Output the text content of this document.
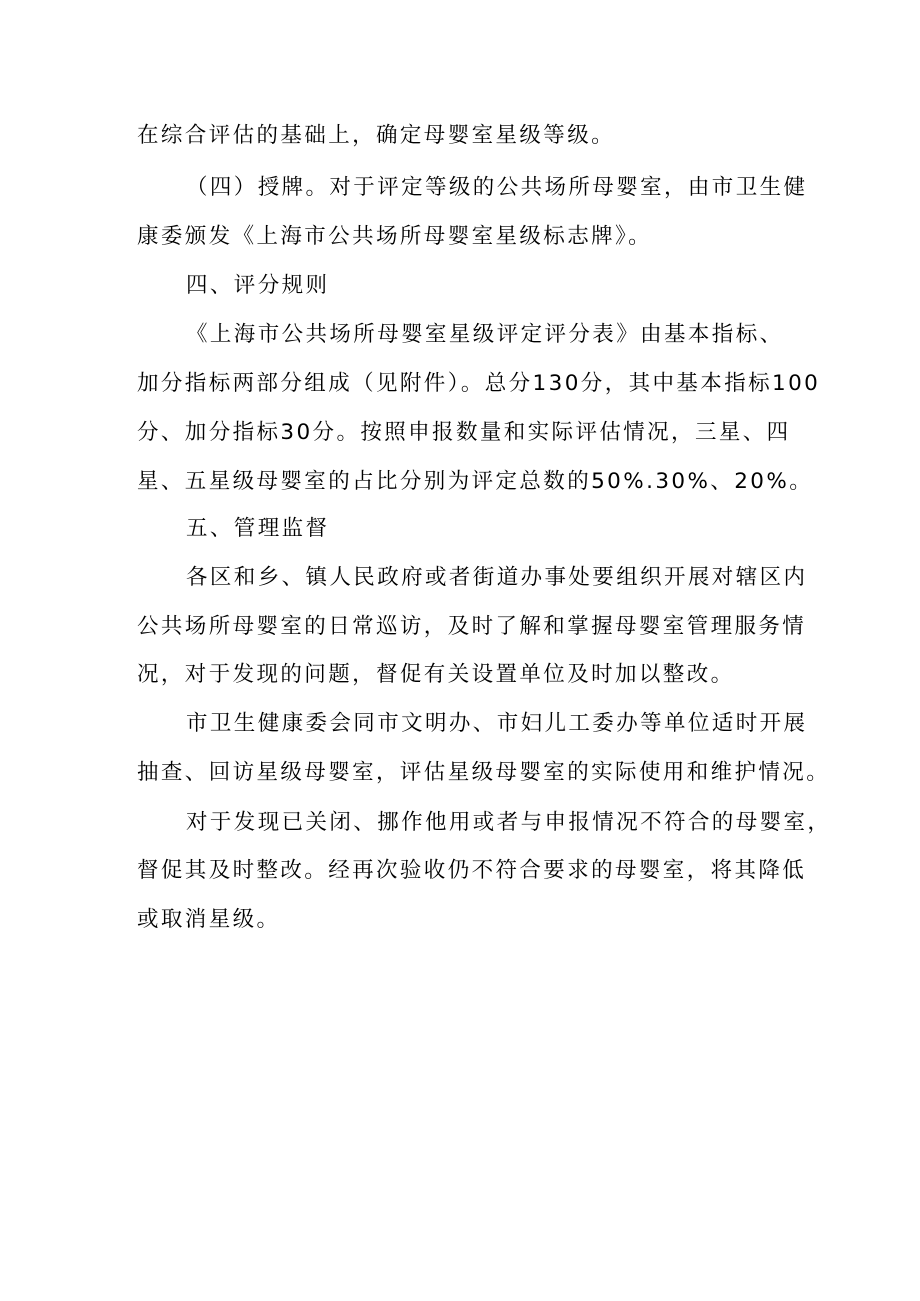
在综合评估的基础上，确定母婴室星级等级。

（四）授牌。对于评定等级的公共场所母婴室，由市卫生健

康委颁发《上海市公共场所母婴室星级标志牌》。

四、评分规则

《上海市公共场所母婴室星级评定评分表》由基本指标、

加分指标两部分组成（见附件）。总分130分，其中基本指标100

分、加分指标30分。按照申报数量和实际评估情况，三星、四

星、五星级母婴室的占比分别为评定总数的50%.30%、20%。

五、管理监督

各区和乡、镇人民政府或者街道办事处要组织开展对辖区内

公共场所母婴室的日常巡访，及时了解和掌握母婴室管理服务情

况，对于发现的问题，督促有关设置单位及时加以整改。

市卫生健康委会同市文明办、市妇儿工委办等单位适时开展

抽查、回访星级母婴室，评估星级母婴室的实际使用和维护情况。

对于发现已关闭、挪作他用或者与申报情况不符合的母婴室，

督促其及时整改。经再次验收仍不符合要求的母婴室，将其降低

或取消星级。
